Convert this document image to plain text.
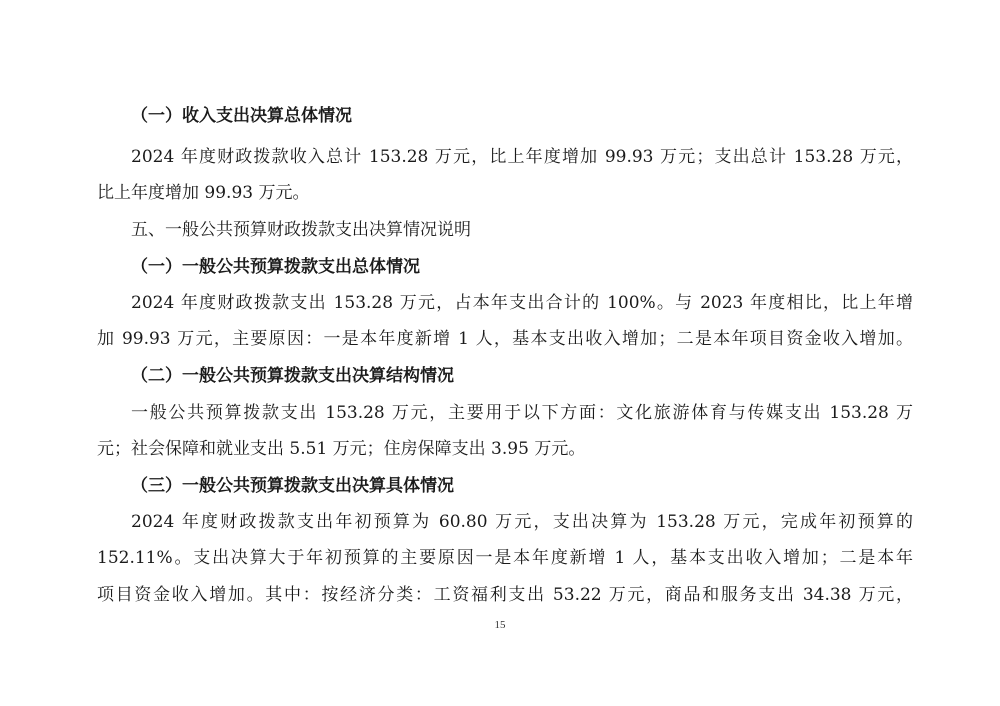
（一）收入支出决算总体情况
2024 年度财政拨款收入总计 153.28 万元，比上年度增加 99.93 万元；支出总计 153.28 万元，
比上年度增加 99.93 万元。
五、一般公共预算财政拨款支出决算情况说明
（一）一般公共预算拨款支出总体情况
2024 年度财政拨款支出 153.28 万元，占本年支出合计的 100%。与 2023 年度相比，比上年增
加 99.93 万元，主要原因：一是本年度新增 1 人，基本支出收入增加；二是本年项目资金收入增加。
（二）一般公共预算拨款支出决算结构情况
一般公共预算拨款支出 153.28 万元，主要用于以下方面：文化旅游体育与传媒支出 153.28 万
元；社会保障和就业支出 5.51 万元；住房保障支出 3.95 万元。
（三）一般公共预算拨款支出决算具体情况
2024 年度财政拨款支出年初预算为 60.80 万元，支出决算为 153.28 万元，完成年初预算的
152.11%。支出决算大于年初预算的主要原因一是本年度新增 1 人，基本支出收入增加；二是本年
项目资金收入增加。其中：按经济分类：工资福利支出 53.22 万元，商品和服务支出 34.38 万元，
15
